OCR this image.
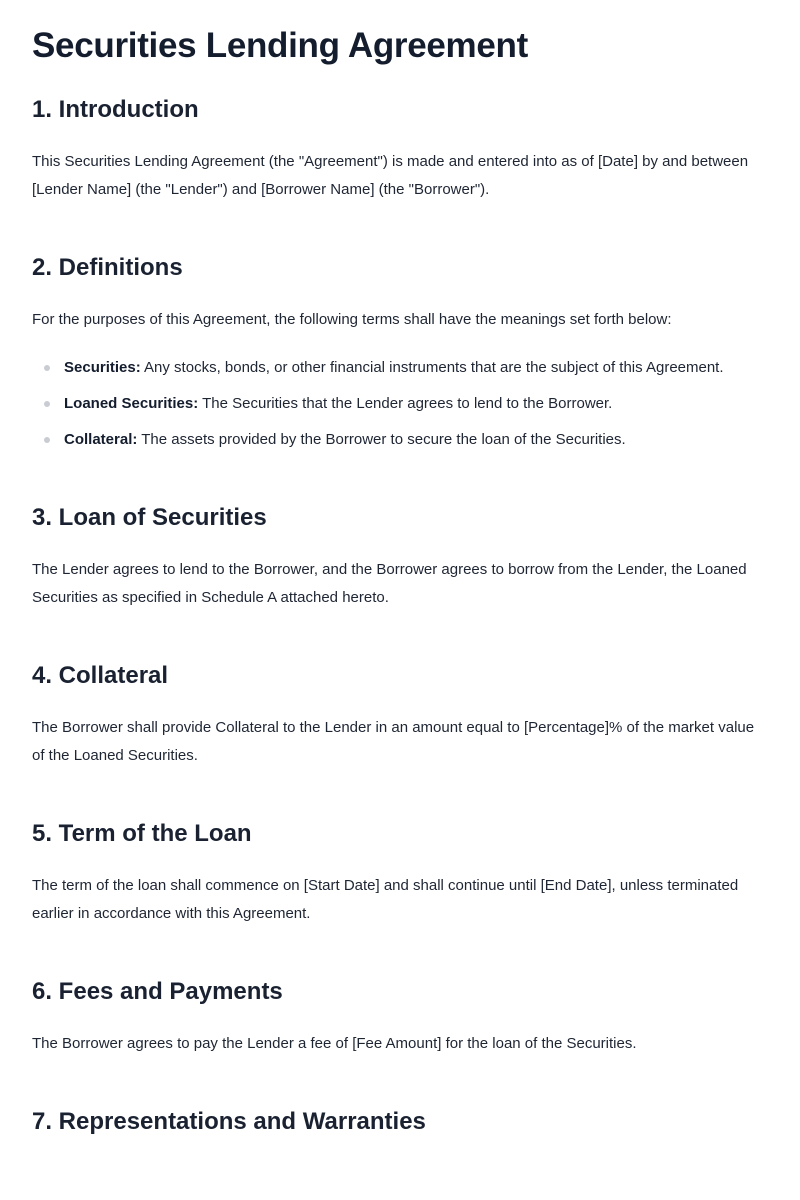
Securities Lending Agreement
1. Introduction

This Securities Lending Agreement (the "Agreement") is made and entered into as of [Date] by and between [Lender Name] (the "Lender") and [Borrower Name] (the "Borrower").

2. Definitions

For the purposes of this Agreement, the following terms shall have the meanings set forth below:

Securities: Any stocks, bonds, or other financial instruments that are the subject of this Agreement.
Loaned Securities: The Securities that the Lender agrees to lend to the Borrower.
Collateral: The assets provided by the Borrower to secure the loan of the Securities.
3. Loan of Securities

The Lender agrees to lend to the Borrower, and the Borrower agrees to borrow from the Lender, the Loaned Securities as specified in Schedule A attached hereto.

4. Collateral

The Borrower shall provide Collateral to the Lender in an amount equal to [Percentage]% of the market value of the Loaned Securities.

5. Term of the Loan

The term of the loan shall commence on [Start Date] and shall continue until [End Date], unless terminated earlier in accordance with this Agreement.

6. Fees and Payments

The Borrower agrees to pay the Lender a fee of [Fee Amount] for the loan of the Securities.

7. Representations and Warranties
